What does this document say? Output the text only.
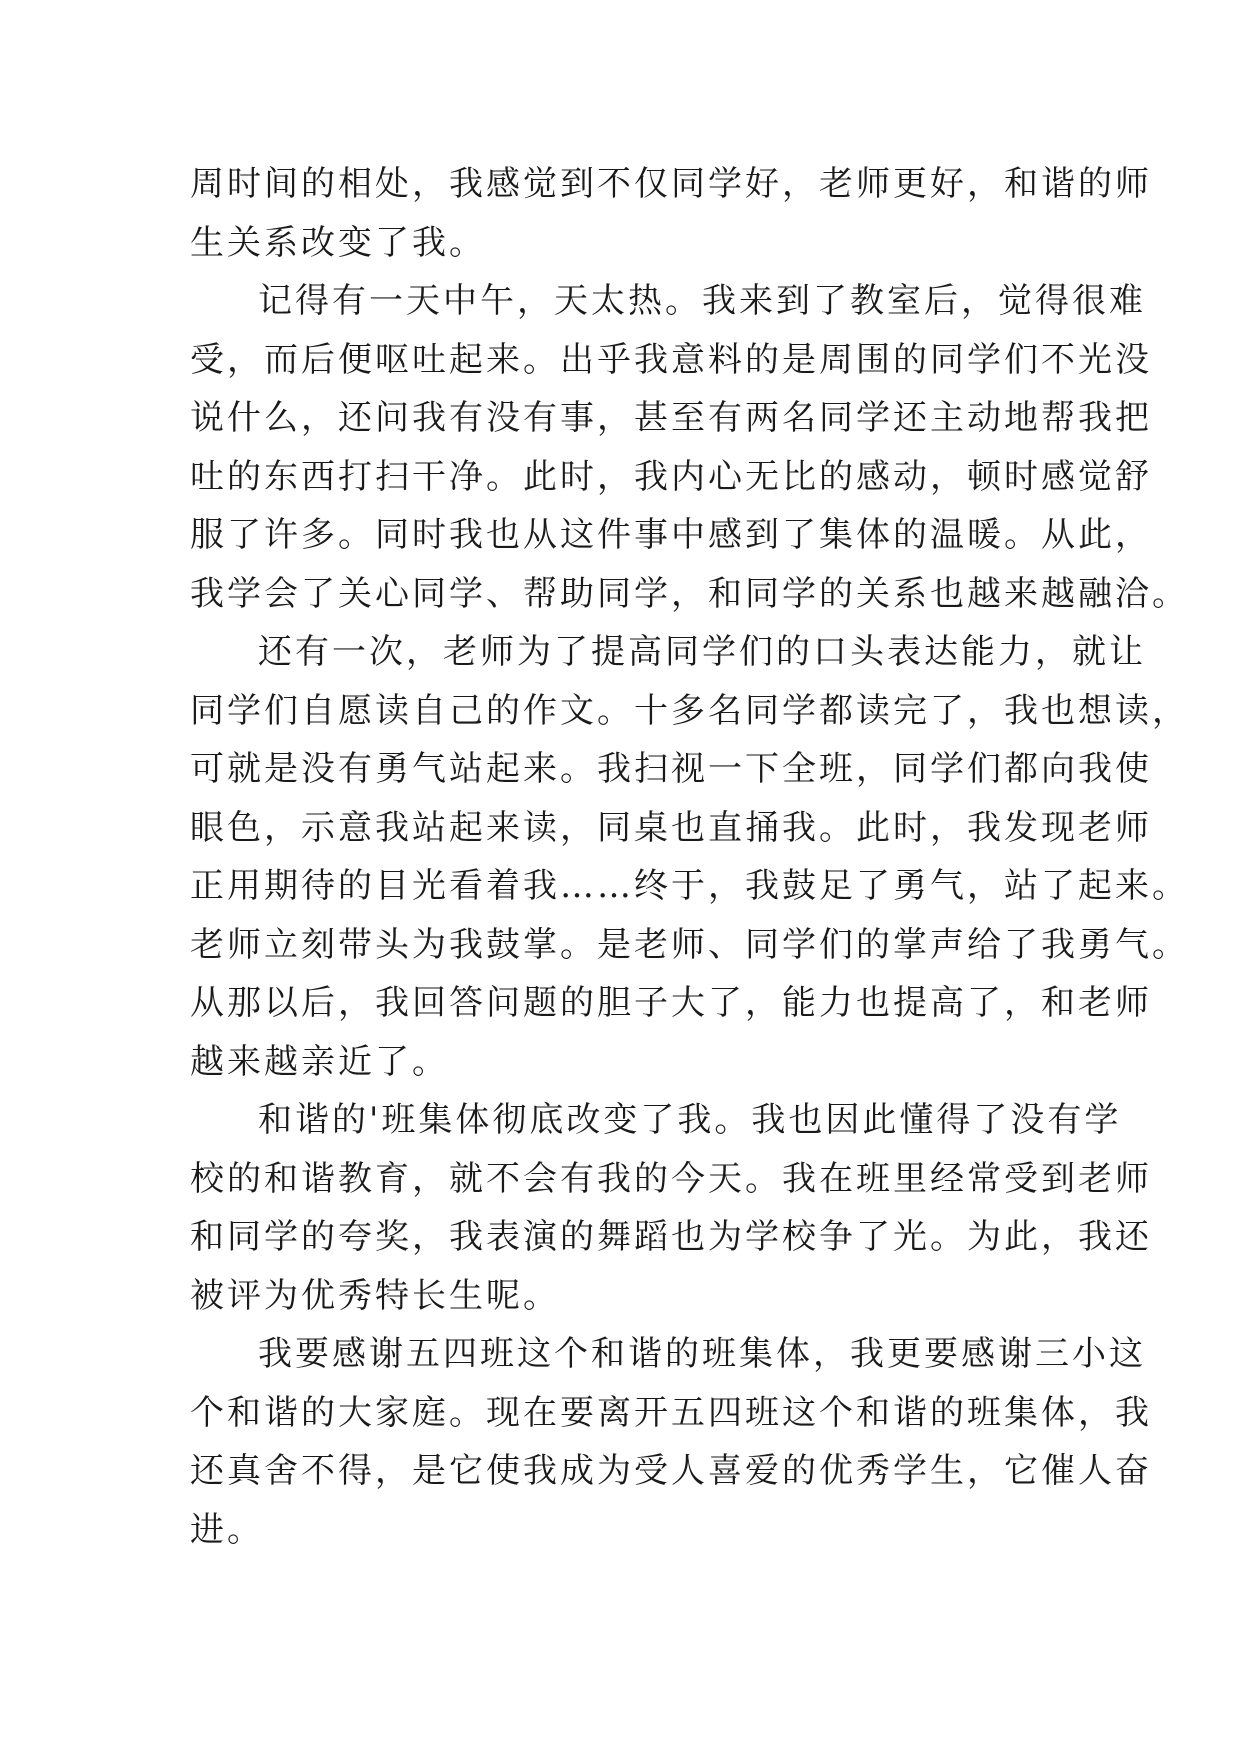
周时间的相处，我感觉到不仅同学好，老师更好，和谐的师
生关系改变了我。
记得有一天中午，天太热。我来到了教室后，觉得很难
受，而后便呕吐起来。出乎我意料的是周围的同学们不光没
说什么，还问我有没有事，甚至有两名同学还主动地帮我把
吐的东西打扫干净。此时，我内心无比的感动，顿时感觉舒
服了许多。同时我也从这件事中感到了集体的温暖。从此，
我学会了关心同学、帮助同学，和同学的关系也越来越融洽。
还有一次，老师为了提高同学们的口头表达能力，就让
同学们自愿读自己的作文。十多名同学都读完了，我也想读，
可就是没有勇气站起来。我扫视一下全班，同学们都向我使
眼色，示意我站起来读，同桌也直捅我。此时，我发现老师
正用期待的目光看着我……终于，我鼓足了勇气，站了起来。
老师立刻带头为我鼓掌。是老师、同学们的掌声给了我勇气。
从那以后，我回答问题的胆子大了，能力也提高了，和老师
越来越亲近了。
和谐的'班集体彻底改变了我。我也因此懂得了没有学
校的和谐教育，就不会有我的今天。我在班里经常受到老师
和同学的夸奖，我表演的舞蹈也为学校争了光。为此，我还
被评为优秀特长生呢。
我要感谢五四班这个和谐的班集体，我更要感谢三小这
个和谐的大家庭。现在要离开五四班这个和谐的班集体，我
还真舍不得，是它使我成为受人喜爱的优秀学生，它催人奋
进。
